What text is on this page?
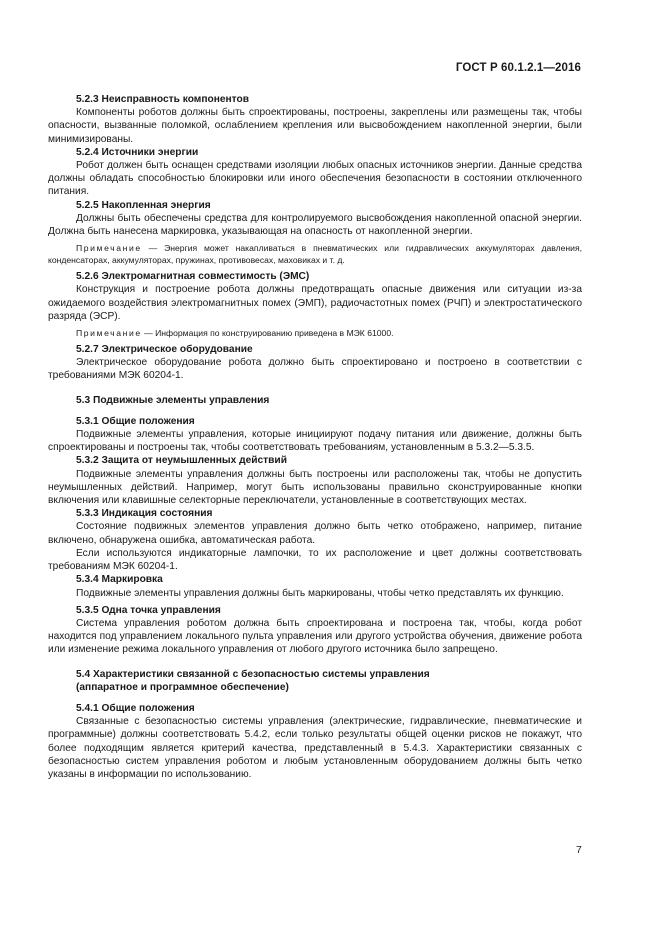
ГОСТ Р 60.1.2.1—2016

5.2.3 Неисправность компонентов

Компоненты роботов должны быть спроектированы, построены, закреплены или размещены так, чтобы опасности, вызванные поломкой, ослаблением крепления или высвобождением накопленной энергии, были минимизированы.

5.2.4 Источники энергии

Робот должен быть оснащен средствами изоляции любых опасных источников энергии. Данные средства должны обладать способностью блокировки или иного обеспечения безопасности в состоянии отключенного питания.

5.2.5 Накопленная энергия

Должны быть обеспечены средства для контролируемого высвобождения накопленной опасной энергии. Должна быть нанесена маркировка, указывающая на опасность от накопленной энергии.

Примечание — Энергия может накапливаться в пневматических или гидравлических аккумуляторах давления, конденсаторах, аккумуляторах, пружинах, противовесах, маховиках и т. д.

5.2.6 Электромагнитная совместимость (ЭМС)

Конструкция и построение робота должны предотвращать опасные движения или ситуации из-за ожидаемого воздействия электромагнитных помех (ЭМП), радиочастотных помех (РЧП) и электростатического разряда (ЭСР).

Примечание — Информация по конструированию приведена в МЭК 61000.

5.2.7 Электрическое оборудование

Электрическое оборудование робота должно быть спроектировано и построено в соответствии с требованиями МЭК 60204-1.

5.3 Подвижные элементы управления

5.3.1 Общие положения

Подвижные элементы управления, которые инициируют подачу питания или движение, должны быть спроектированы и построены так, чтобы соответствовать требованиям, установленным в 5.3.2—5.3.5.

5.3.2 Защита от неумышленных действий

Подвижные элементы управления должны быть построены или расположены так, чтобы не допустить неумышленных действий. Например, могут быть использованы правильно сконструированные кнопки включения или клавишные селекторные переключатели, установленные в соответствующих местах.

5.3.3 Индикация состояния

Состояние подвижных элементов управления должно быть четко отображено, например, питание включено, обнаружена ошибка, автоматическая работа.

Если используются индикаторные лампочки, то их расположение и цвет должны соответствовать требованиям МЭК 60204-1.

5.3.4 Маркировка

Подвижные элементы управления должны быть маркированы, чтобы четко представлять их функцию.

5.3.5 Одна точка управления

Система управления роботом должна быть спроектирована и построена так, чтобы, когда робот находится под управлением локального пульта управления или другого устройства обучения, движение робота или изменение режима локального управления от любого другого источника было запрещено.

5.4 Характеристики связанной с безопасностью системы управления

(аппаратное и программное обеспечение)

5.4.1 Общие положения

Связанные с безопасностью системы управления (электрические, гидравлические, пневматические и программные) должны соответствовать 5.4.2, если только результаты общей оценки рисков не покажут, что более подходящим является критерий качества, представленный в 5.4.3. Характеристики связанных с безопасностью систем управления роботом и любым установленным оборудованием должны быть четко указаны в информации по использованию.

7
